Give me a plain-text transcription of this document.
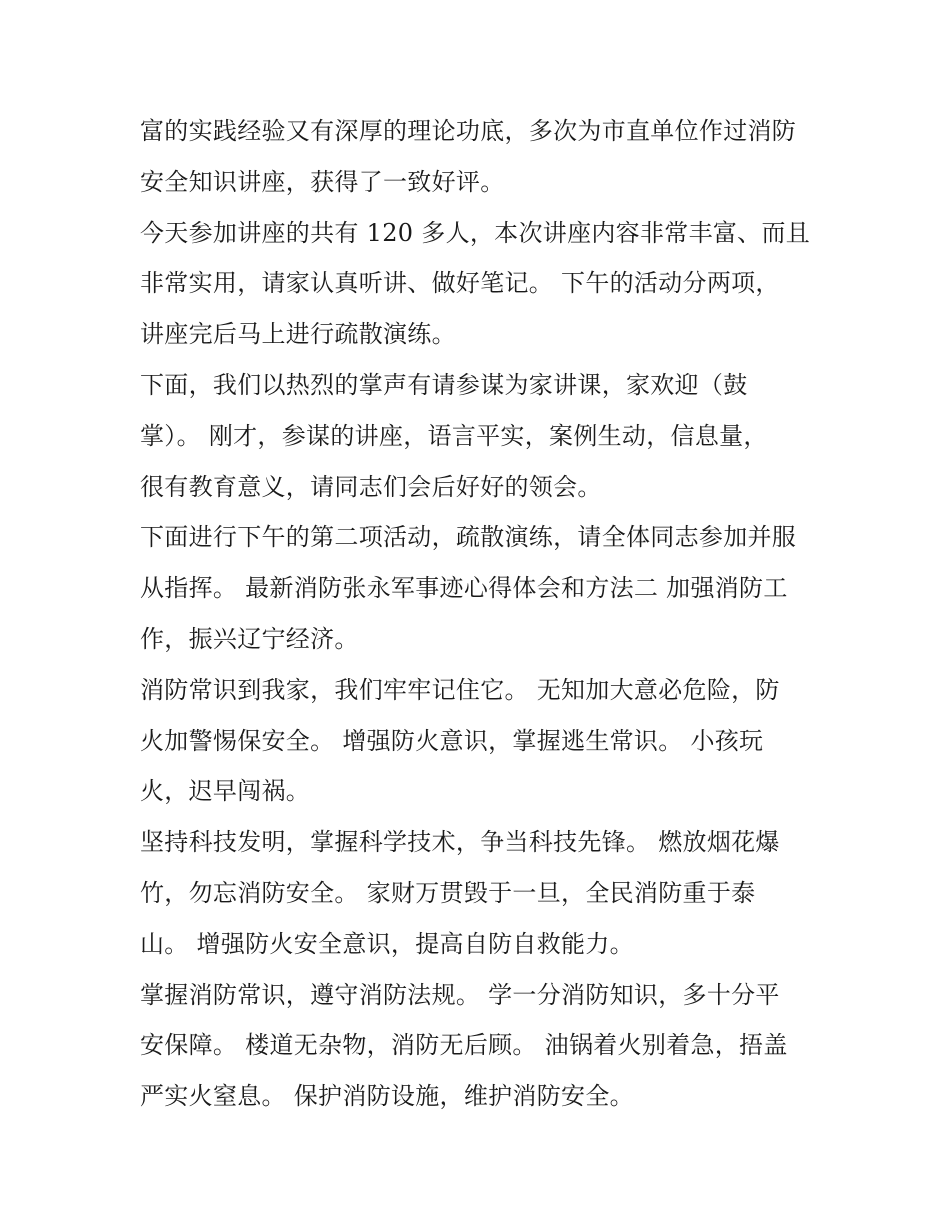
富的实践经验又有深厚的理论功底，多次为市直单位作过消防
安全知识讲座，获得了一致好评。
今天参加讲座的共有 120 多人，本次讲座内容非常丰富、而且
非常实用，请家认真听讲、做好笔记。 下午的活动分两项，
讲座完后马上进行疏散演练。
下面，我们以热烈的掌声有请参谋为家讲课，家欢迎（鼓
掌）。 刚才，参谋的讲座，语言平实，案例生动，信息量，
很有教育意义，请同志们会后好好的领会。
下面进行下午的第二项活动，疏散演练，请全体同志参加并服
从指挥。 最新消防张永军事迹心得体会和方法二 加强消防工
作，振兴辽宁经济。
消防常识到我家，我们牢牢记住它。 无知加大意必危险，防
火加警惕保安全。 增强防火意识，掌握逃生常识。 小孩玩
火，迟早闯祸。
坚持科技发明，掌握科学技术，争当科技先锋。 燃放烟花爆
竹，勿忘消防安全。 家财万贯毁于一旦，全民消防重于泰
山。 增强防火安全意识，提高自防自救能力。
掌握消防常识，遵守消防法规。 学一分消防知识，多十分平
安保障。 楼道无杂物，消防无后顾。 油锅着火别着急，捂盖
严实火窒息。 保护消防设施，维护消防安全。
